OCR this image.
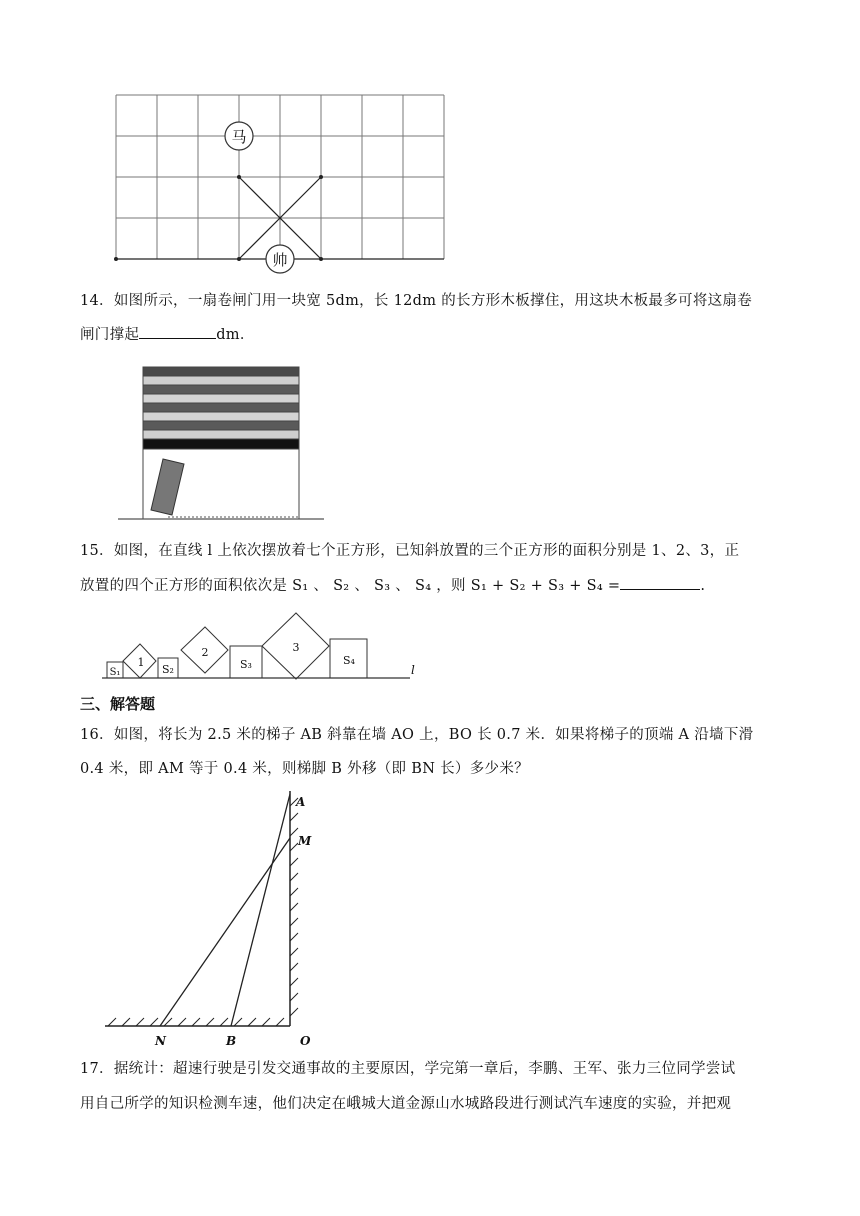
马
帅
14．如图所示，一扇卷闸门用一块宽 5dm，长 12dm 的长方形木板撑住，用这块木板最多可将这扇卷
闸门撑起	dm．
15．如图，在直线 l 上依次摆放着七个正方形，已知斜放置的三个正方形的面积分别是 1、2、3，正
放置的四个正方形的面积依次是 S₁ 、 S₂ 、 S₃ 、 S₄ ，则 S₁ + S₂ + S₃ + S₄ =	.
1
2	3
S₁	S₂	S₃	S₄
l
三、解答题
16．如图，将长为 2.5 米的梯子 AB 斜靠在墙 AO 上，BO 长 0.7 米．如果将梯子的顶端 A 沿墙下滑
0.4 米，即 AM 等于 0.4 米，则梯脚 B 外移（即 BN 长）多少米？
A
M
N	B	O
17．据统计：超速行驶是引发交通事故的主要原因，学完第一章后，李鹏、王军、张力三位同学尝试
用自己所学的知识检测车速，他们决定在峨城大道金源山水城路段进行测试汽车速度的实验，并把观
